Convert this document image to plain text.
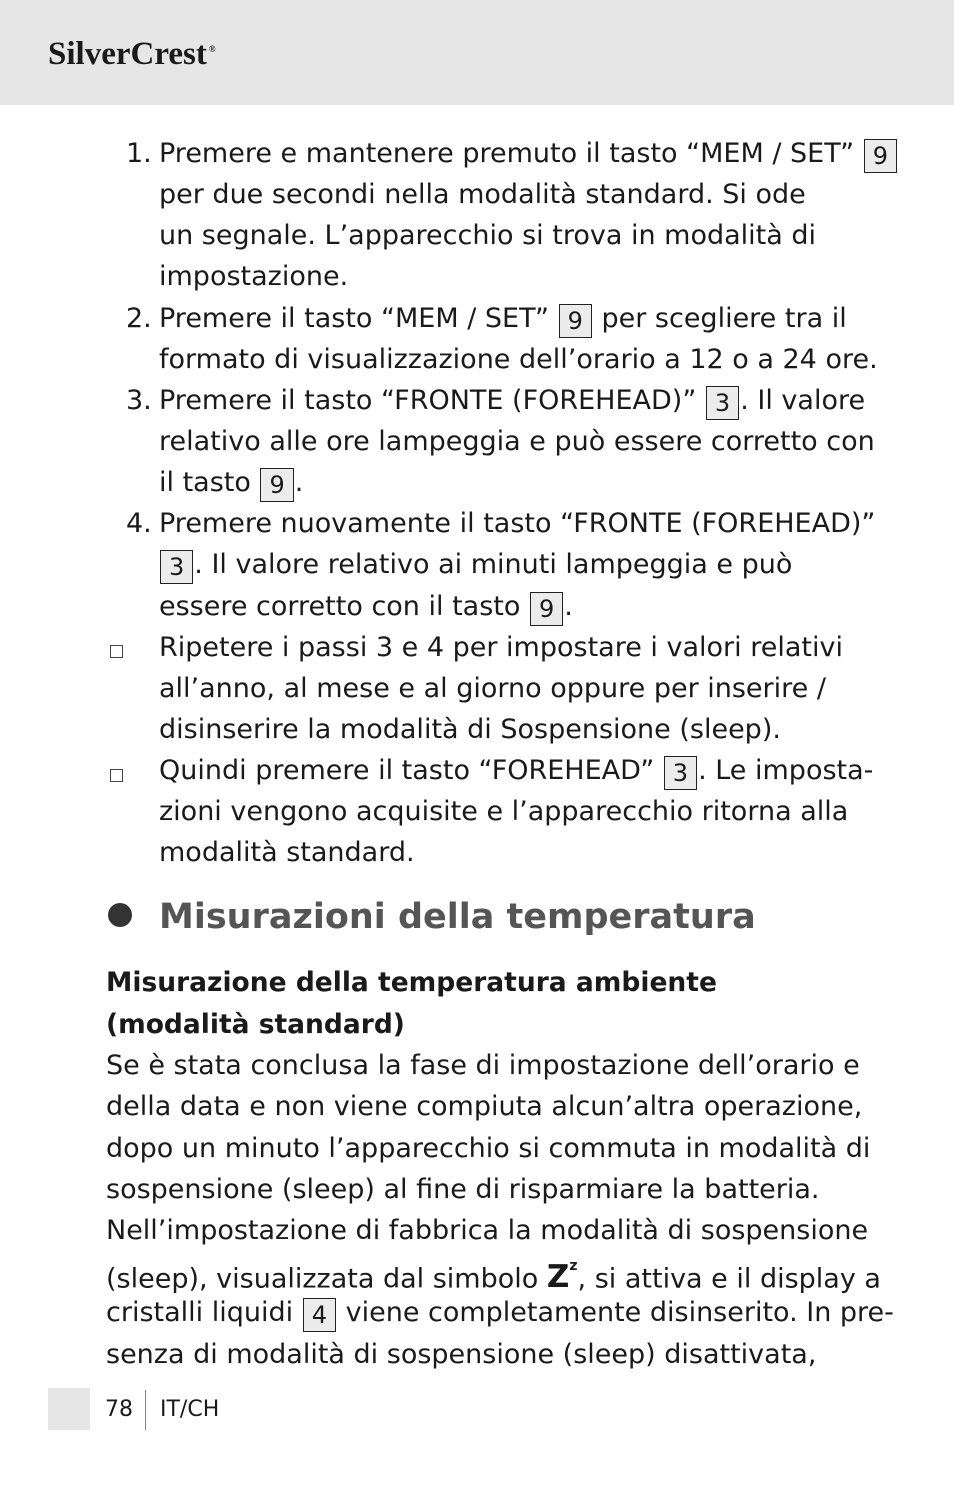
SilverCrest ®
1. Premere e mantenere premuto il tasto “MEM / SET” 9
per due secondi nella modalità standard. Si ode
un segnale. L’apparecchio si trova in modalità di
impostazione.
2. Premere il tasto “MEM / SET” 9 per scegliere tra il
formato di visualizzazione dell’orario a 12 o a 24 ore.
3. Premere il tasto “FRONTE (FOREHEAD)” 3 . Il valore
relativo alle ore lampeggia e può essere corretto con
il tasto 9 .
4. Premere nuovamente il tasto “FRONTE (FOREHEAD)”
3 . Il valore relativo ai minuti lampeggia e può
essere corretto con il tasto 9 .
Ripetere i passi 3 e 4 per impostare i valori relativi
all’anno, al mese e al giorno oppure per inserire /
disinserire la modalità di Sospensione (sleep).
Quindi premere il tasto “FOREHEAD” 3 . Le imposta-
zioni vengono acquisite e l’apparecchio ritorna alla
modalità standard.
Misurazioni della temperatura
Misurazione della temperatura ambiente
(modalità standard)
Se è stata conclusa la fase di impostazione dell’orario e
della data e non viene compiuta alcun’altra operazione,
dopo un minuto l’apparecchio si commuta in modalità di
sospensione (sleep) al fine di risparmiare la batteria.
Nell’impostazione di fabbrica la modalità di sospensione
(sleep), visualizzata dal simbolo $Z^z$, si attiva e il display a
cristalli liquidi 4 viene completamente disinserito. In pre-
senza di modalità di sospensione (sleep) disattivata,
78 IT/CH
